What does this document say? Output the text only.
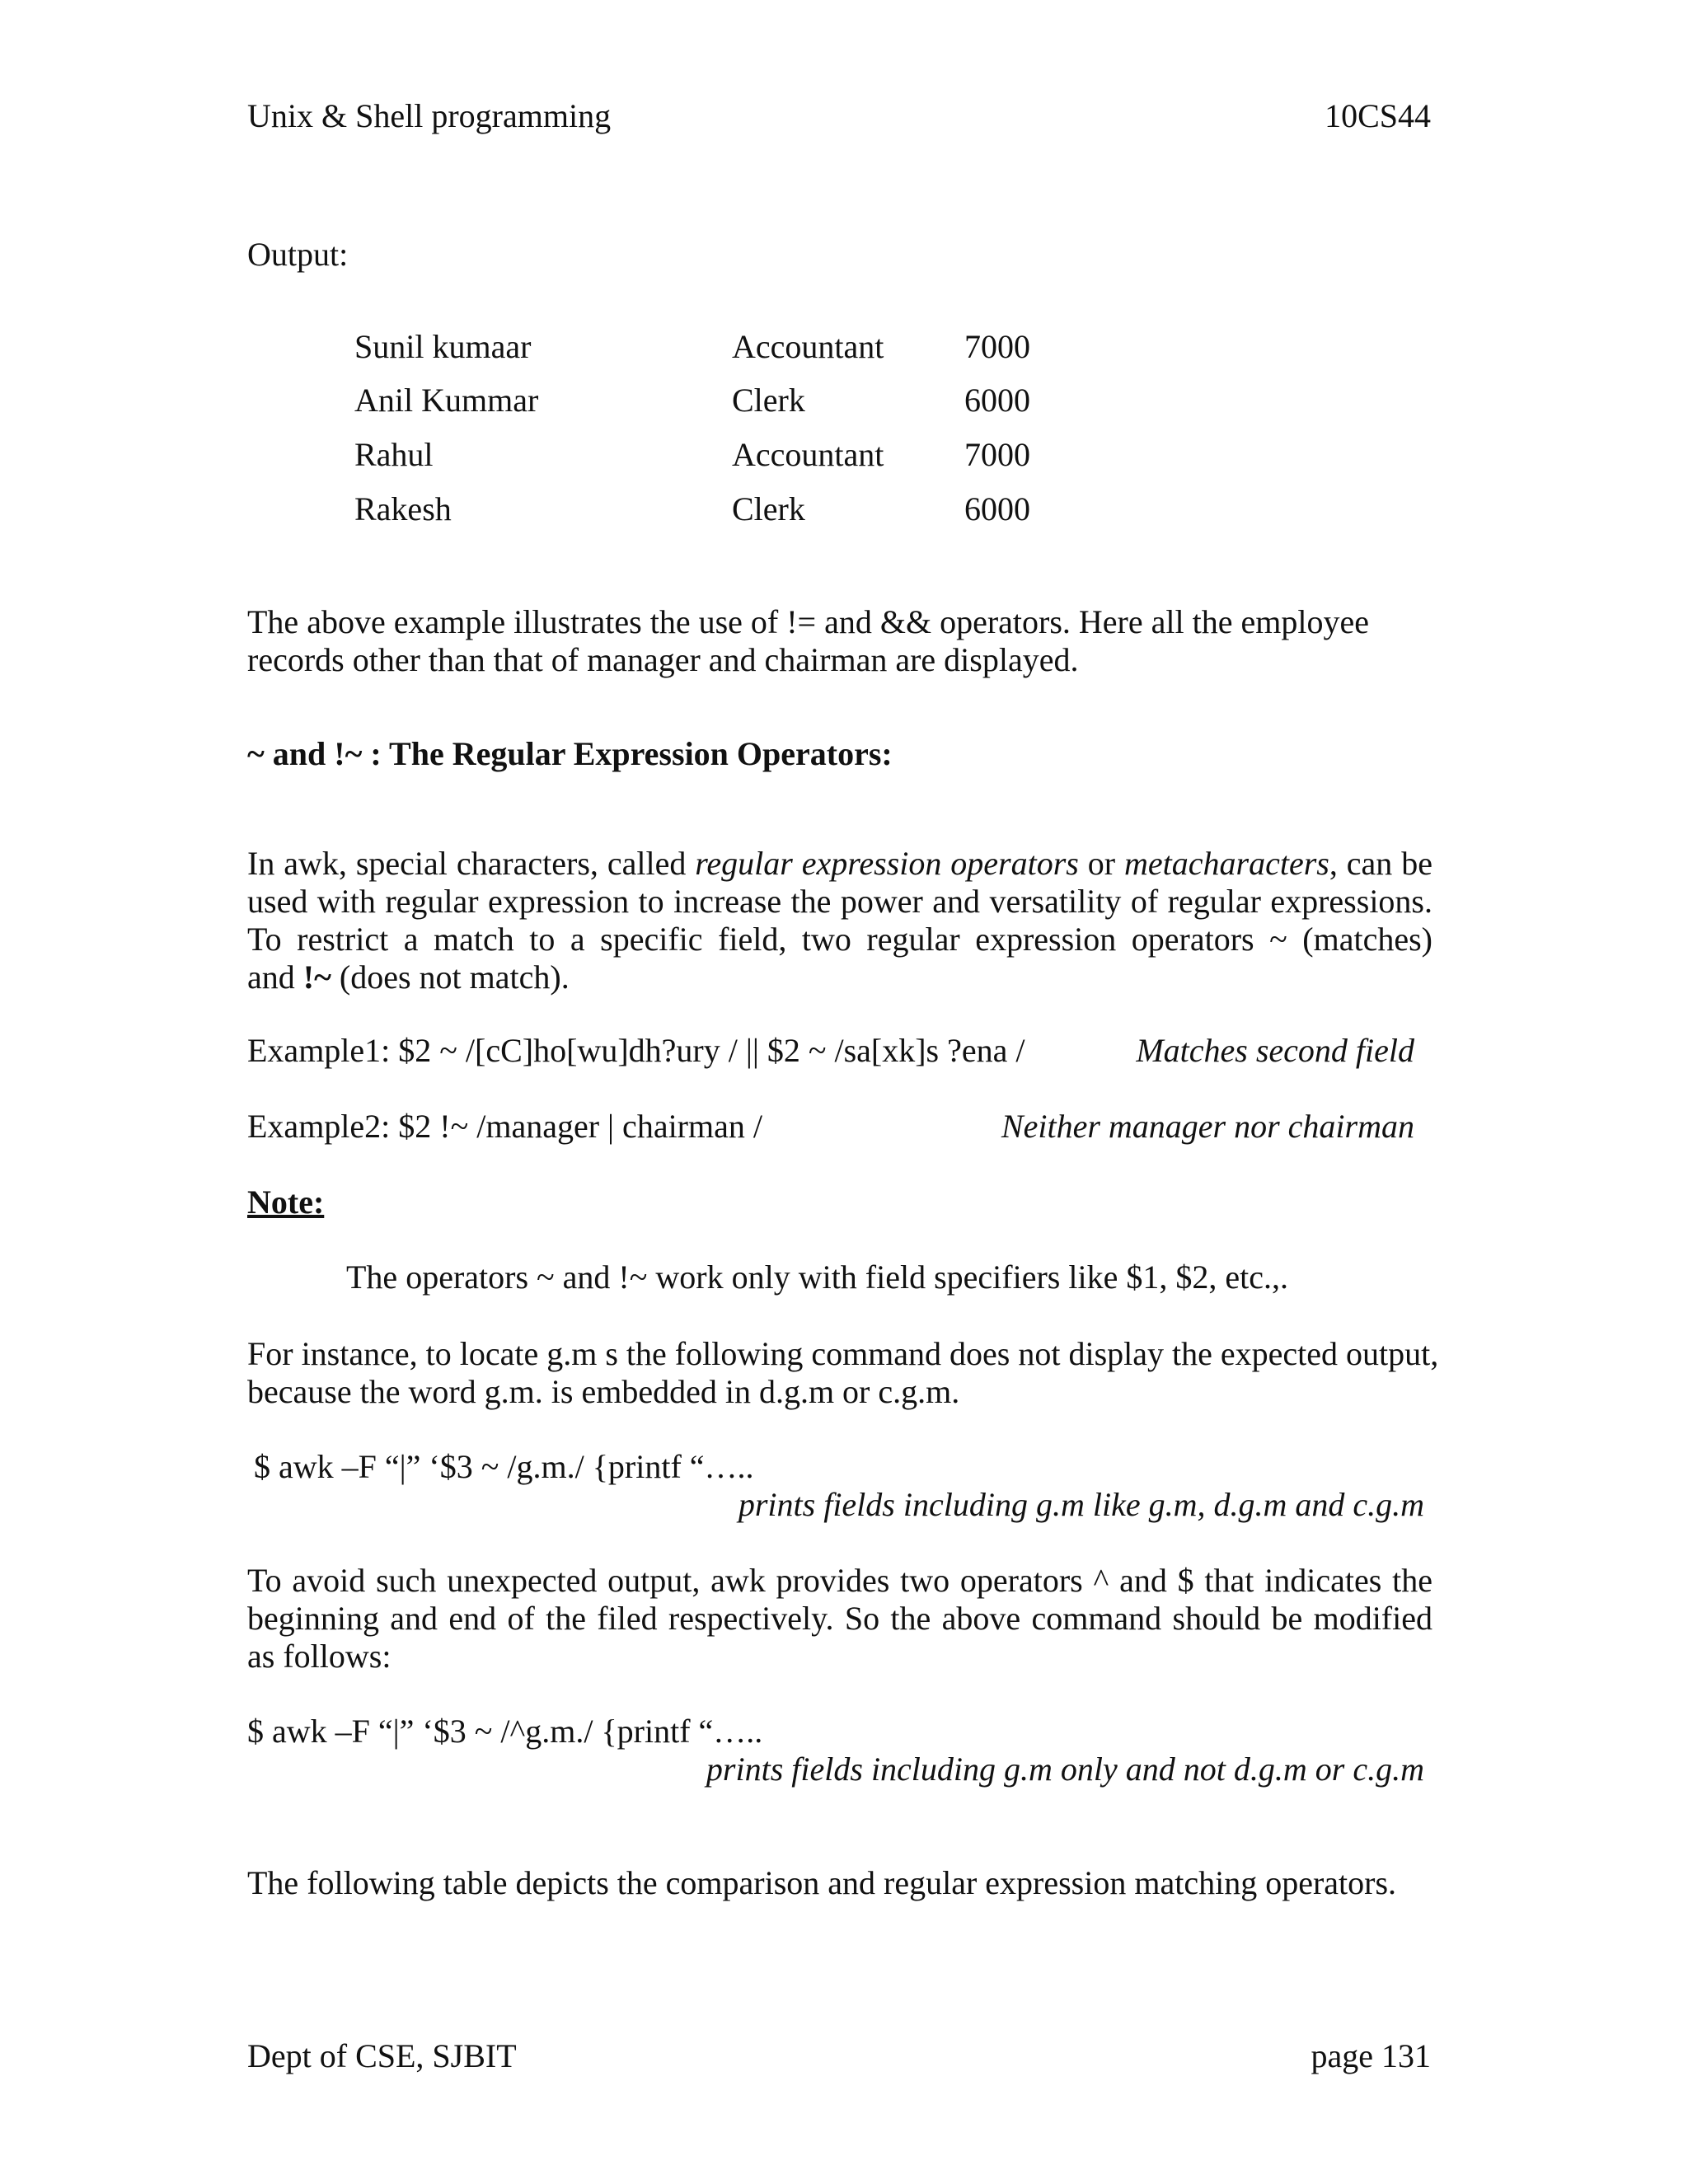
Unix & Shell programming	10CS44
Output:
Sunil kumaar	Accountant 7000
Anil Kummar	Clerk	6000
Rahul	Accountant 7000
Rakesh	Clerk	6000
The above example illustrates the use of != and && operators. Here all the employee
records other than that of manager and chairman are displayed.
~ and !~ : The Regular Expression Operators:
In awk, special characters, called regular expression operators or metacharacters, can be
used with regular expression to increase the power and versatility of regular expressions.
To restrict a match to a specific field, two regular expression operators ~ (matches)
and !~ (does not match).
Example1: $2 ~ /[cC]ho[wu]dh?ury / || $2 ~ /sa[xk]s ?ena /	Matches second field
Example2: $2 !~ /manager | chairman /	Neither manager nor chairman
Note:
The operators ~ and !~ work only with field specifiers like $1, $2, etc.,.
For instance, to locate g.m s the following command does not display the expected output,
because the word g.m. is embedded in d.g.m or c.g.m.
$ awk –F “|” ‘$3 ~ /g.m./ {printf “…..
prints fields including g.m like g.m, d.g.m and c.g.m
To avoid such unexpected output, awk provides two operators ^ and $ that indicates the
beginning and end of the filed respectively. So the above command should be modified
as follows:
$ awk –F “|” ‘$3 ~ /^g.m./ {printf “…..
prints fields including g.m only and not d.g.m or c.g.m
The following table depicts the comparison and regular expression matching operators.
Dept of CSE, SJBIT	page 131
